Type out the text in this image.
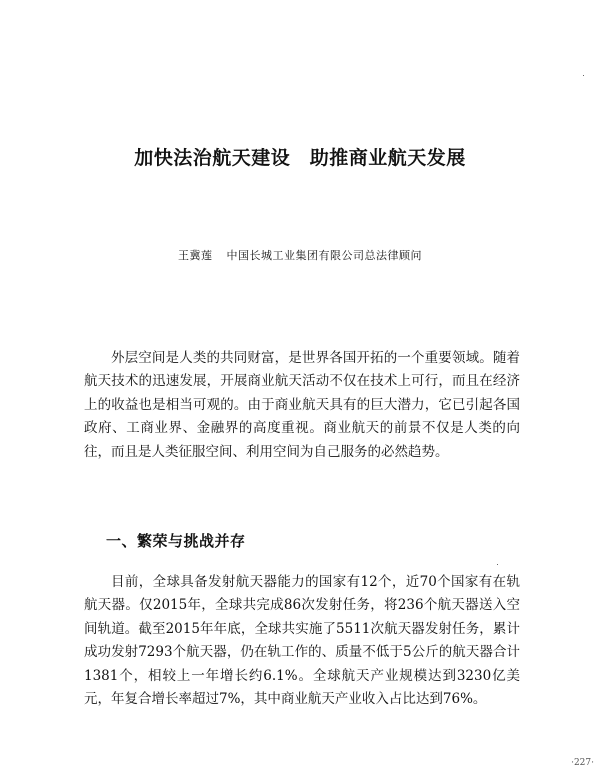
加快法治航天建设　助推商业航天发展
王冀莲 中国长城工业集团有限公司总法律顾问

外层空间是人类的共同财富，是世界各国开拓的一个重要领域。随着航天技术的迅速发展，开展商业航天活动不仅在技术上可行，而且在经济上的收益也是相当可观的。由于商业航天具有的巨大潜力，它已引起各国政府、工商业界、金融界的高度重视。商业航天的前景不仅是人类的向往，而且是人类征服空间、利用空间为自己服务的必然趋势。

一、繁荣与挑战并存

目前，全球具备发射航天器能力的国家有12个，近70个国家有在轨航天器。仅2015年，全球共完成86次发射任务，将236个航天器送入空间轨道。截至2015年年底，全球共实施了5511次航天器发射任务，累计成功发射7293个航天器，仍在轨工作的、质量不低于5公斤的航天器合计1381个，相较上一年增长约6.1%。全球航天产业规模达到3230亿美元，年复合增长率超过7%，其中商业航天产业收入占比达到76%。

·227·
